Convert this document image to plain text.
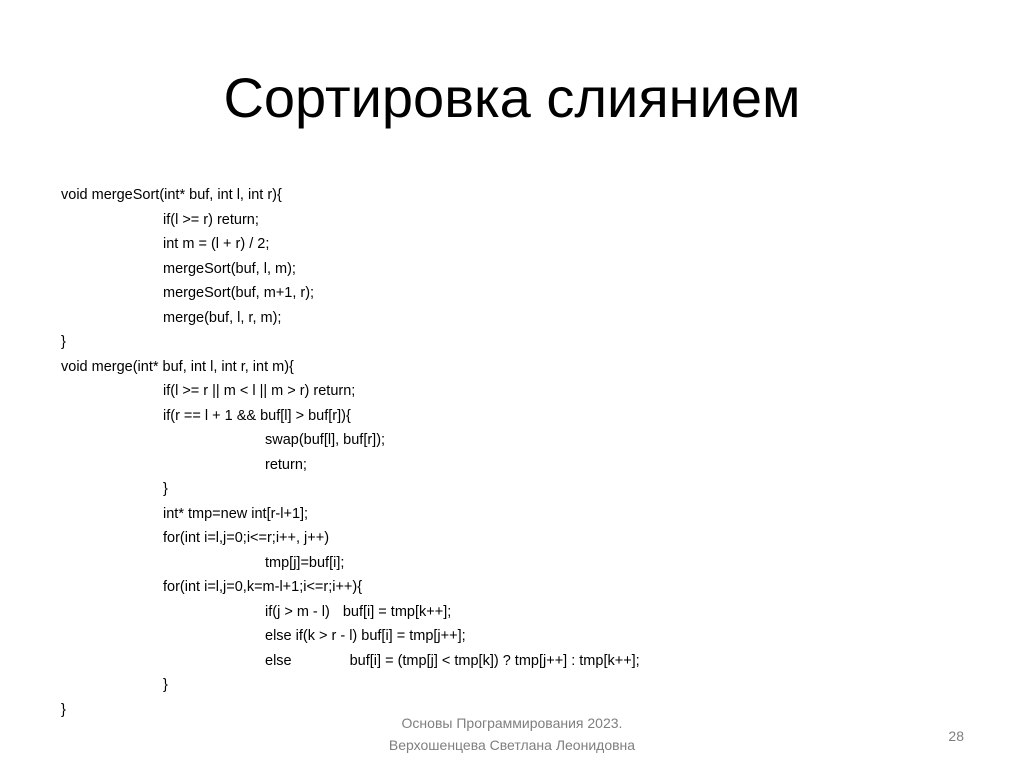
Сортировка слиянием
void mergeSort(int* buf, int l, int r){
if(l >= r) return;
int m = (l + r) / 2;
mergeSort(buf, l, m);
mergeSort(buf, m+1, r);
merge(buf, l, r, m);
}
void merge(int* buf, int l, int r, int m){
if(l >= r || m < l || m > r) return;
if(r == l + 1 && buf[l] > buf[r]){
swap(buf[l], buf[r]);
return;
}
int* tmp=new int[r-l+1];
for(int i=l,j=0;i<=r;i++, j++)
tmp[j]=buf[i];
for(int i=l,j=0,k=m-l+1;i<=r;i++){
if(j > m - l) buf[i] = tmp[k++];
else if(k > r - l) buf[i] = tmp[j++];
else	buf[i] = (tmp[j] < tmp[k]) ? tmp[j++] : tmp[k++];
}
}
Основы Программирования 2023.
Верхошенцева Светлана Леонидовна
28
